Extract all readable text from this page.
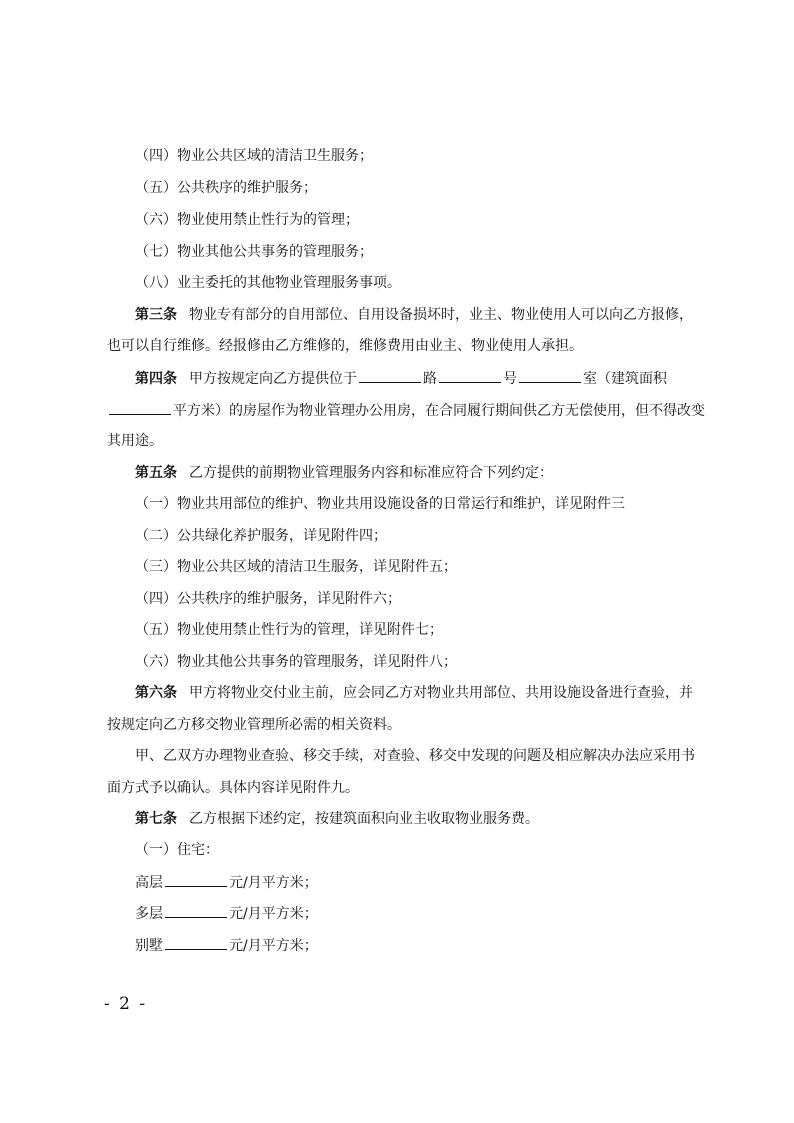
（四）物业公共区域的清洁卫生服务；
（五）公共秩序的维护服务；
（六）物业使用禁止性行为的管理；
（七）物业其他公共事务的管理服务；
（八）业主委托的其他物业管理服务事项。
第三条 物业专有部分的自用部位、自用设备损坏时，业主、物业使用人可以向乙方报修，
也可以自行维修。经报修由乙方维修的，维修费用由业主、物业使用人承担。
第四条 甲方按规定向乙方提供位于	路	号	室（建筑面积
平方米）的房屋作为物业管理办公用房，在合同履行期间供乙方无偿使用，但不得改变
其用途。
第五条 乙方提供的前期物业管理服务内容和标准应符合下列约定：
（一）物业共用部位的维护、物业共用设施设备的日常运行和维护，详见附件三
（二）公共绿化养护服务，详见附件四；
（三）物业公共区域的清洁卫生服务，详见附件五；
（四）公共秩序的维护服务，详见附件六；
（五）物业使用禁止性行为的管理，详见附件七；
（六）物业其他公共事务的管理服务，详见附件八；
第六条 甲方将物业交付业主前，应会同乙方对物业共用部位、共用设施设备进行查验，并
按规定向乙方移交物业管理所必需的相关资料。
甲、乙双方办理物业查验、移交手续，对查验、移交中发现的问题及相应解决办法应采用书
面方式予以确认。具体内容详见附件九。
第七条 乙方根据下述约定，按建筑面积向业主收取物业服务费。
（一）住宅：
高层	元/月平方米；
多层	元/月平方米；
别墅	元/月平方米；
- 2 -
